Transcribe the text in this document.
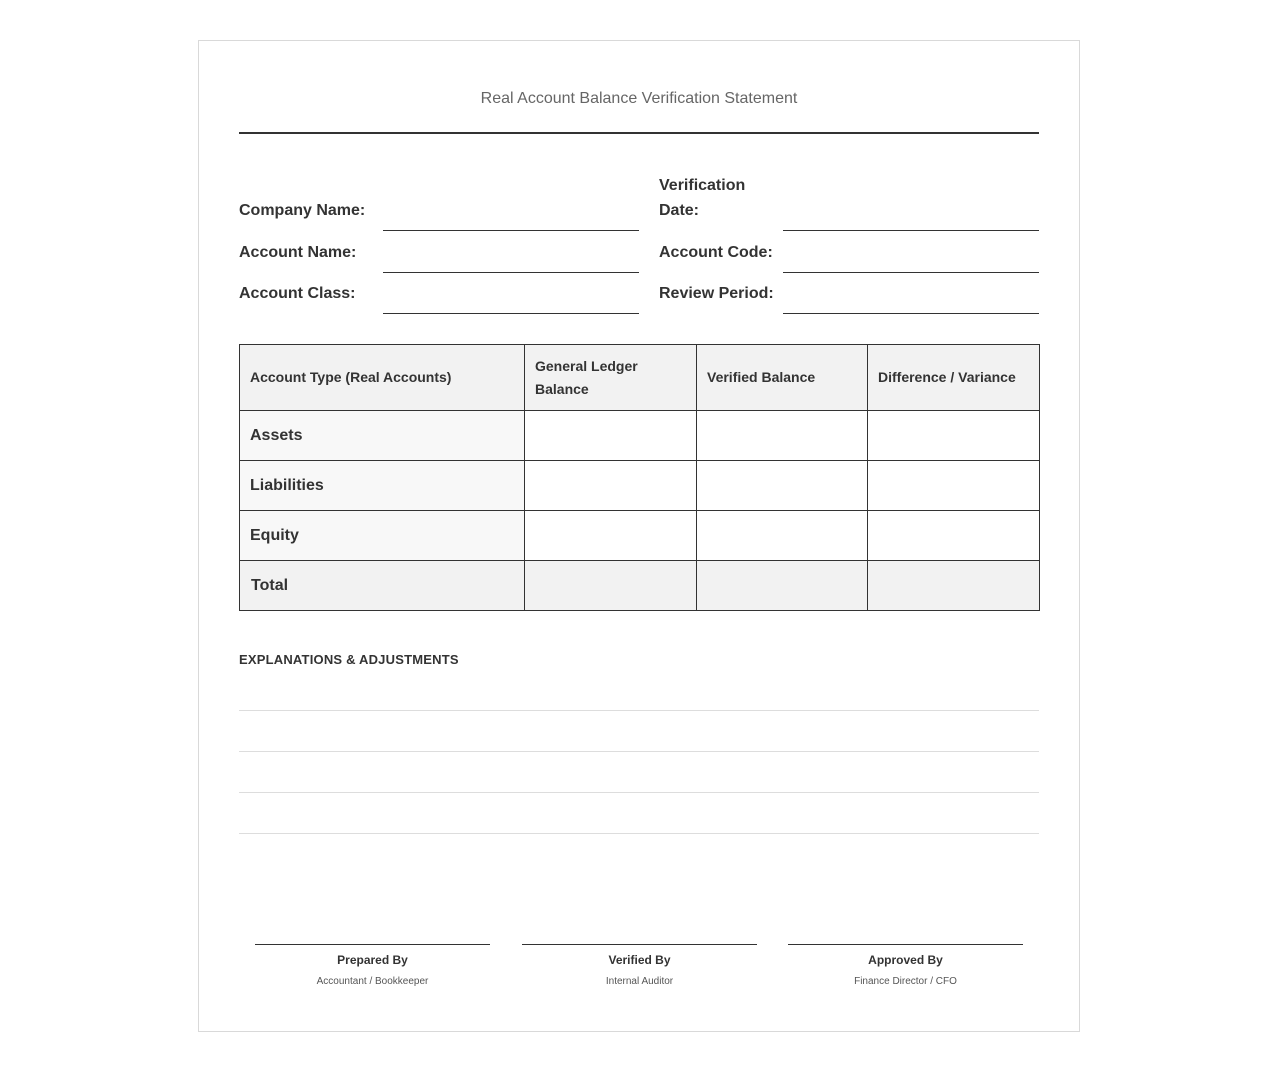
Real Account Balance Verification Statement
Company Name:
Account Name:
Account Class:
Verification
Date:
Account Code:
Review Period:
Account Type (Real Accounts)	General Ledger Balance	Verified Balance	Difference / Variance
Assets			
Liabilities			
Equity			
Total			
EXPLANATIONS & ADJUSTMENTS
Prepared By
Accountant / Bookkeeper
Verified By
Internal Auditor
Approved By
Finance Director / CFO
